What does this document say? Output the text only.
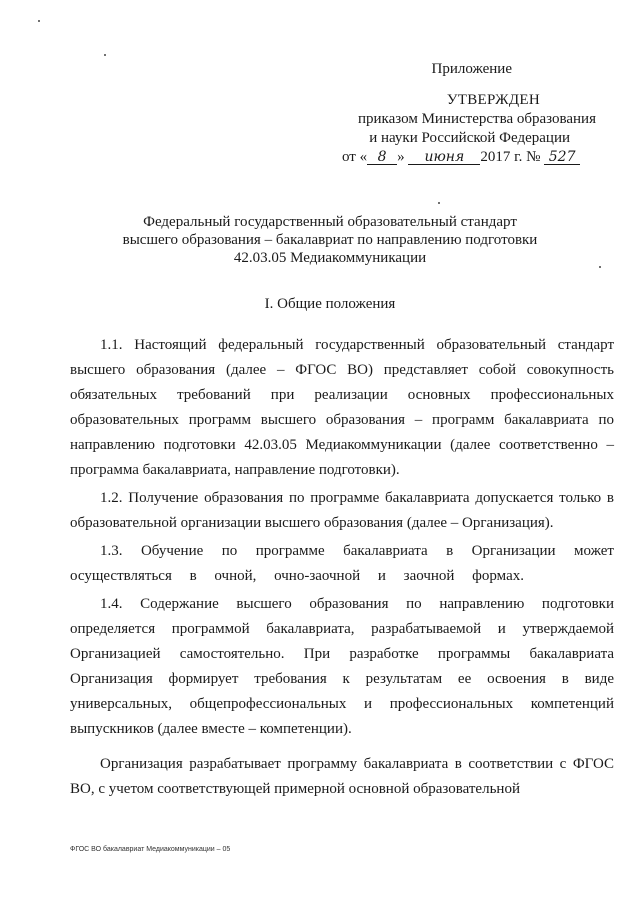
Приложение
УТВЕРЖДЕН
приказом Министерства образования
и науки Российской Федерации
от « 8 » июня 2017 г. № 527
Федеральный государственный образовательный стандарт
высшего образования – бакалавриат по направлению подготовки
42.03.05 Медиакоммуникации
I. Общие положения

1.1. Настоящий федеральный государственный образовательный стандарт высшего образования (далее – ФГОС ВО) представляет собой совокупность обязательных требований при реализации основных профессиональных образовательных программ высшего образования – программ бакалавриата по направлению подготовки 42.03.05 Медиакоммуникации (далее соответственно – программа бакалавриата, направление подготовки).

1.2. Получение образования по программе бакалавриата допускается только в образовательной организации высшего образования (далее – Организация).

1.3. Обучение по программе бакалавриата в Организации может осуществляться в очной, очно-заочной и заочной формах.

1.4. Содержание высшего образования по направлению подготовки определяется программой бакалавриата, разрабатываемой и утверждаемой Организацией самостоятельно. При разработке программы бакалавриата Организация формирует требования к результатам ее освоения в виде универсальных, общепрофессиональных и профессиональных компетенций выпускников (далее вместе – компетенции).

Организация разрабатывает программу бакалавриата в соответствии с ФГОС ВО, с учетом соответствующей примерной основной образовательной

ФГОС ВО бакалавриат Медиакоммуникации – 05
